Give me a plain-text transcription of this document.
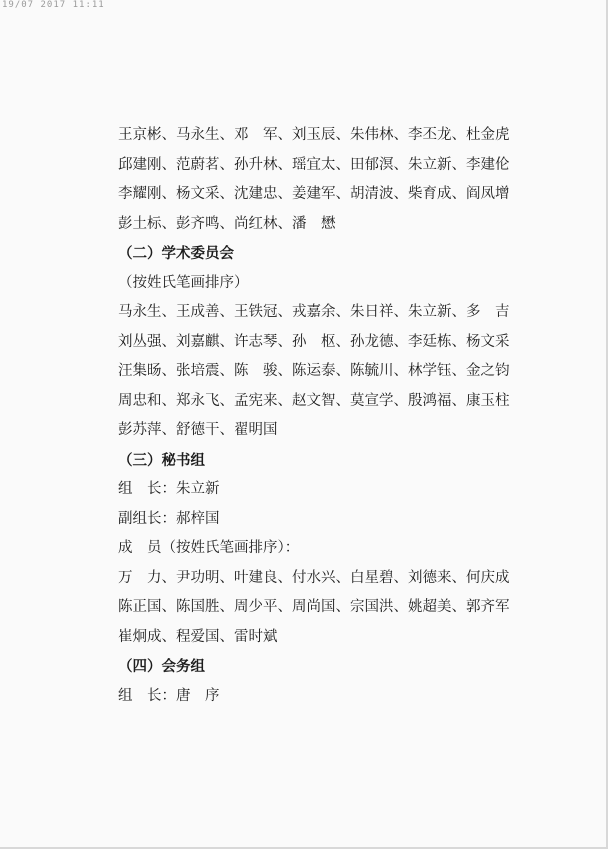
19/07 2017 11:11
王京彬、马永生、邓　军、刘玉辰、朱伟林、李丕龙、杜金虎
邱建刚、范蔚茗、孙升林、瑶宜太、田郁溟、朱立新、李建伦
李耀刚、杨文采、沈建忠、姜建军、胡清波、柴育成、阎凤增
彭土标、彭齐鸣、尚红林、潘　懋
（二）学术委员会
（按姓氏笔画排序）
马永生、王成善、王铁冠、戎嘉余、朱日祥、朱立新、多　吉
刘丛强、刘嘉麒、许志琴、孙　枢、孙龙德、李廷栋、杨文采
汪集旸、张培震、陈　骏、陈运泰、陈毓川、林学钰、金之钧
周忠和、郑永飞、孟宪来、赵文智、莫宣学、殷鸿福、康玉柱
彭苏萍、舒德干、翟明国
（三）秘书组
组　长：朱立新
副组长：郝梓国
成　员（按姓氏笔画排序）：
万　力、尹功明、叶建良、付水兴、白星碧、刘德来、何庆成
陈正国、陈国胜、周少平、周尚国、宗国洪、姚超美、郭齐军
崔炯成、程爱国、雷时斌
（四）会务组
组　长：唐　序
